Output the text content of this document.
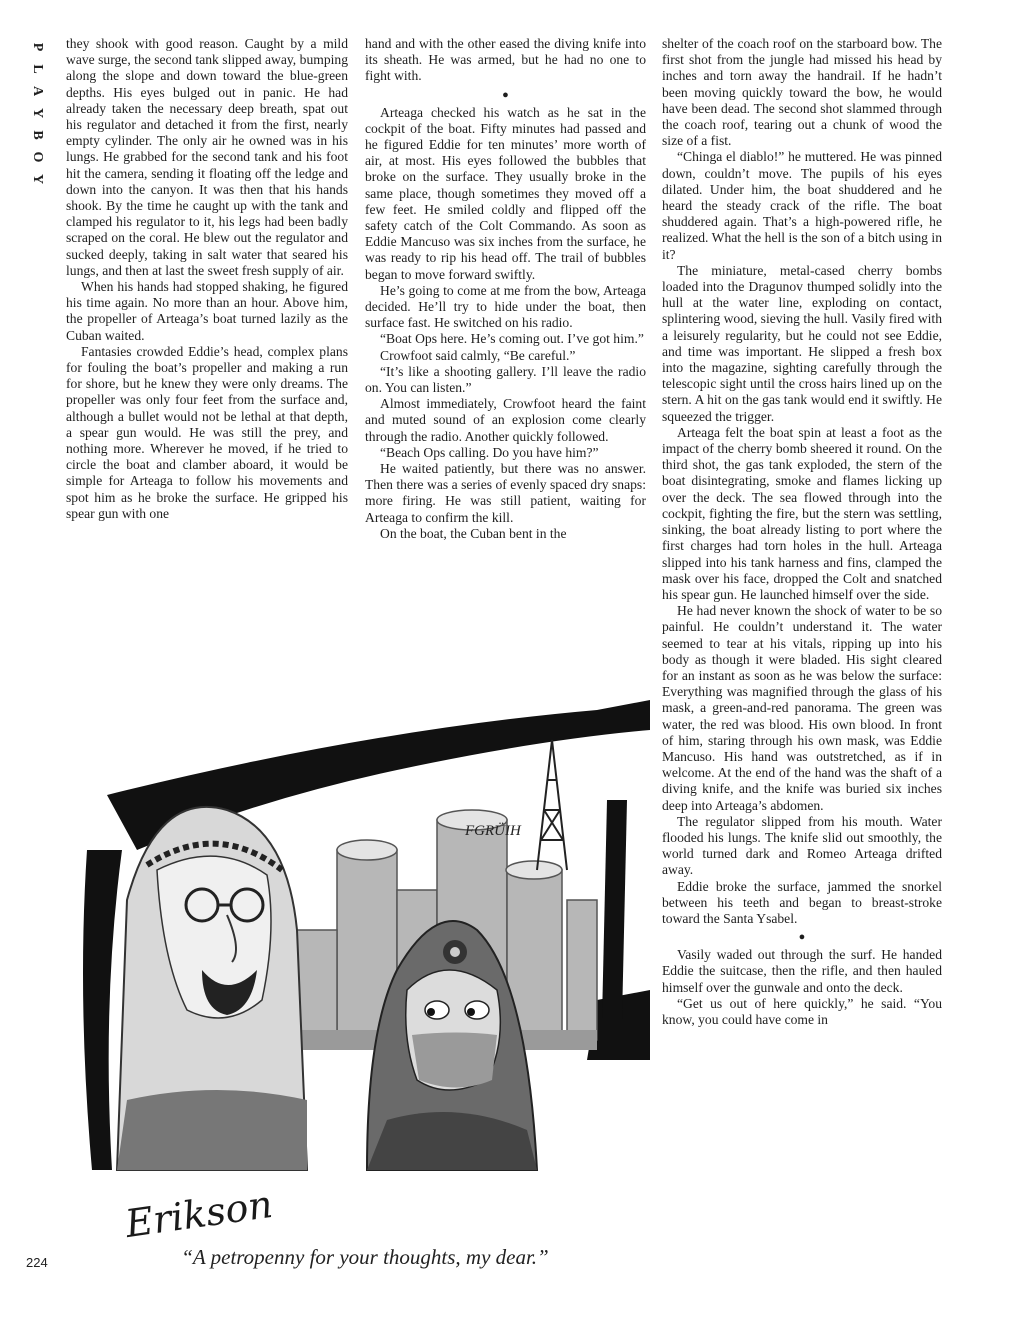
P
L
A
Y
B
O
Y

they shook with good reason. Caught by a mild wave surge, the second tank slipped away, bumping along the slope and down toward the blue-green depths. His eyes bulged out in panic. He had already taken the necessary deep breath, spat out his regulator and detached it from the first, nearly empty cylinder. The only air he owned was in his lungs. He grabbed for the second tank and his foot hit the camera, sending it floating off the ledge and down into the canyon. It was then that his hands shook. By the time he caught up with the tank and clamped his regulator to it, his legs had been badly scraped on the coral. He blew out the regulator and sucked deeply, taking in salt water that seared his lungs, and then at last the sweet fresh supply of air.

When his hands had stopped shaking, he figured his time again. No more than an hour. Above him, the propeller of Arteaga’s boat turned lazily as the Cuban waited.

Fantasies crowded Eddie’s head, complex plans for fouling the boat’s propeller and making a run for shore, but he knew they were only dreams. The propeller was only four feet from the surface and, although a bullet would not be lethal at that depth, a spear gun would. He was still the prey, and nothing more. Wherever he moved, if he tried to circle the boat and clamber aboard, it would be simple for Arteaga to follow his movements and spot him as he broke the surface. He gripped his spear gun with one

hand and with the other eased the diving knife into its sheath. He was armed, but he had no one to fight with.

●

Arteaga checked his watch as he sat in the cockpit of the boat. Fifty minutes had passed and he figured Eddie for ten minutes’ more worth of air, at most. His eyes followed the bubbles that broke on the surface. They usually broke in the same place, though sometimes they moved off a few feet. He smiled coldly and flipped off the safety catch of the Colt Commando. As soon as Eddie Mancuso was six inches from the surface, he was ready to rip his head off. The trail of bubbles began to move forward swiftly.

He’s going to come at me from the bow, Arteaga decided. He’ll try to hide under the boat, then surface fast. He switched on his radio.

“Boat Ops here. He’s coming out. I’ve got him.”

Crowfoot said calmly, “Be careful.”

“It’s like a shooting gallery. I’ll leave the radio on. You can listen.”

Almost immediately, Crowfoot heard the faint and muted sound of an explosion come clearly through the radio. Another quickly followed.

“Beach Ops calling. Do you have him?”

He waited patiently, but there was no answer. Then there was a series of evenly spaced dry snaps: more firing. He was still patient, waiting for Arteaga to confirm the kill.

On the boat, the Cuban bent in the

shelter of the coach roof on the starboard bow. The first shot from the jungle had missed his head by inches and torn away the handrail. If he hadn’t been moving quickly toward the bow, he would have been dead. The second shot slammed through the coach roof, tearing out a chunk of wood the size of a fist.

“Chinga el diablo!” he muttered. He was pinned down, couldn’t move. The pupils of his eyes dilated. Under him, the boat shuddered and he heard the steady crack of the rifle. The boat shuddered again. That’s a high-powered rifle, he realized. What the hell is the son of a bitch using in it?

The miniature, metal-cased cherry bombs loaded into the Dragunov thumped solidly into the hull at the water line, exploding on contact, splintering wood, sieving the hull. Vasily fired with a leisurely regularity, but he could not see Eddie, and time was important. He slipped a fresh box into the magazine, sighting carefully through the telescopic sight until the cross hairs lined up on the stern. A hit on the gas tank would end it swiftly. He squeezed the trigger.

Arteaga felt the boat spin at least a foot as the impact of the cherry bomb sheered it round. On the third shot, the gas tank exploded, the stern of the boat disintegrating, smoke and flames licking up over the deck. The sea flowed through into the cockpit, fighting the fire, but the stern was settling, sinking, the boat already listing to port where the first charges had torn holes in the hull. Arteaga slipped into his tank harness and fins, clamped the mask over his face, dropped the Colt and snatched his spear gun. He launched himself over the side.

He had never known the shock of water to be so painful. He couldn’t understand it. The water seemed to tear at his vitals, ripping up into his body as though it were bladed. His sight cleared for an instant as soon as he was below the surface: Everything was magnified through the glass of his mask, a green-and-red panorama. The green was water, the red was blood. His own blood. In front of him, staring through his own mask, was Eddie Mancuso. His hand was outstretched, as if in welcome. At the end of the hand was the shaft of a diving knife, and the knife was buried six inches deep into Arteaga’s abdomen.

The regulator slipped from his mouth. Water flooded his lungs. The knife slid out smoothly, the world turned dark and Romeo Arteaga drifted away.

Eddie broke the surface, jammed the snorkel between his teeth and began to breast-stroke toward the Santa Ysabel.

●

Vasily waded out through the surf. He handed Eddie the suitcase, then the rifle, and then hauled himself over the gunwale and onto the deck.

“Get us out of here quickly,” he said. “You know, you could have come in

FGRÜIH
Erikson
“A petropenny for your thoughts, my dear.”
224
